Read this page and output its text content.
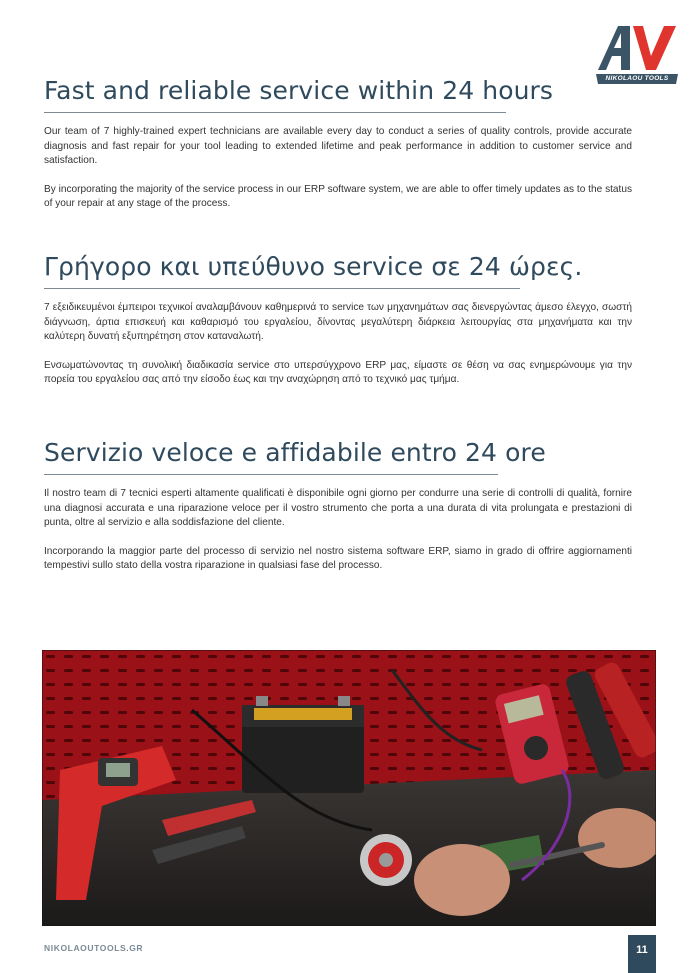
NIKOLAOU TOOLS
Fast and reliable service within 24 hours

Our team of 7 highly-trained expert technicians are available every day to conduct a series of quality controls, provide accurate diagnosis and fast repair for your tool leading to extended lifetime and peak performance in addition to customer service and satisfaction.

By incorporating the majority of the service process in our ERP software system, we are able to offer timely updates as to the status of your repair at any stage of the process.

Γρήγορο και υπεύθυνο service σε 24 ώρες.

7 εξειδικευμένοι έμπειροι τεχνικοί αναλαμβάνουν καθημερινά το service των μηχανημάτων σας διενεργώντας άμεσο έλεγχο, σωστή διάγνωση, άρτια επισκευή και καθαρισμό του εργαλείου, δίνοντας μεγαλύτερη διάρκεια λειτουργίας στα μηχανήματα και την καλύτερη δυνατή εξυπηρέτηση στον καταναλωτή.

Ενσωματώνοντας τη συνολική διαδικασία service στο υπερσύγχρονο ERP μας, είμαστε σε θέση να σας ενημερώνουμε για την πορεία του εργαλείου σας από την είσοδο έως και την αναχώρηση από το τεχνικό μας τμήμα.

Servizio veloce e affidabile entro 24 ore

Il nostro team di 7 tecnici esperti altamente qualificati è disponibile ogni giorno per condurre una serie di controlli di qualità, fornire una diagnosi accurata e una riparazione veloce per il vostro strumento che porta a una durata di vita prolungata e prestazioni di punta, oltre al servizio e alla soddisfazione del cliente.

Incorporando la maggior parte del processo di servizio nel nostro sistema software ERP, siamo in grado di offrire aggiornamenti tempestivi sullo stato della vostra riparazione in qualsiasi fase del processo.

NIKOLAOUTOOLS.GR	11
